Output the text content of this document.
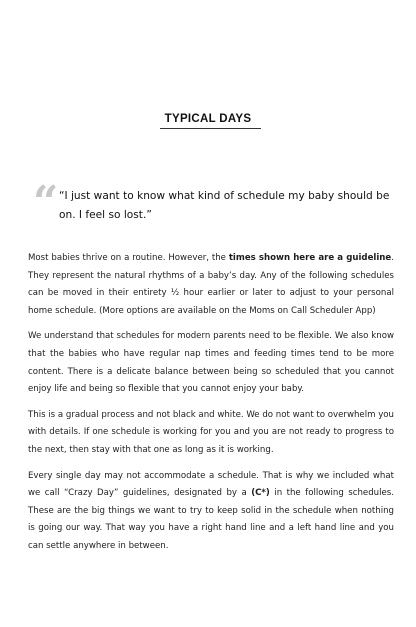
TYPICAL DAYS
“ “I just want to know what kind of schedule my baby should be on. I feel so lost.”

Most babies thrive on a routine. However, the times shown here are a guideline. They represent the natural rhythms of a baby’s day. Any of the following schedules can be moved in their entirety ½ hour earlier or later to adjust to your personal home schedule. (More options are available on the Moms on Call Scheduler App)

We understand that schedules for modern parents need to be flexible. We also know that the babies who have regular nap times and feeding times tend to be more content. There is a delicate balance between being so scheduled that you cannot enjoy life and being so flexible that you cannot enjoy your baby.

This is a gradual process and not black and white. We do not want to overwhelm you with details. If one schedule is working for you and you are not ready to progress to the next, then stay with that one as long as it is working.

Every single day may not accommodate a schedule. That is why we included what we call “Crazy Day” guidelines, designated by a (C*) in the following schedules. These are the big things we want to try to keep solid in the schedule when nothing is going our way. That way you have a right hand line and a left hand line and you can settle anywhere in between.
